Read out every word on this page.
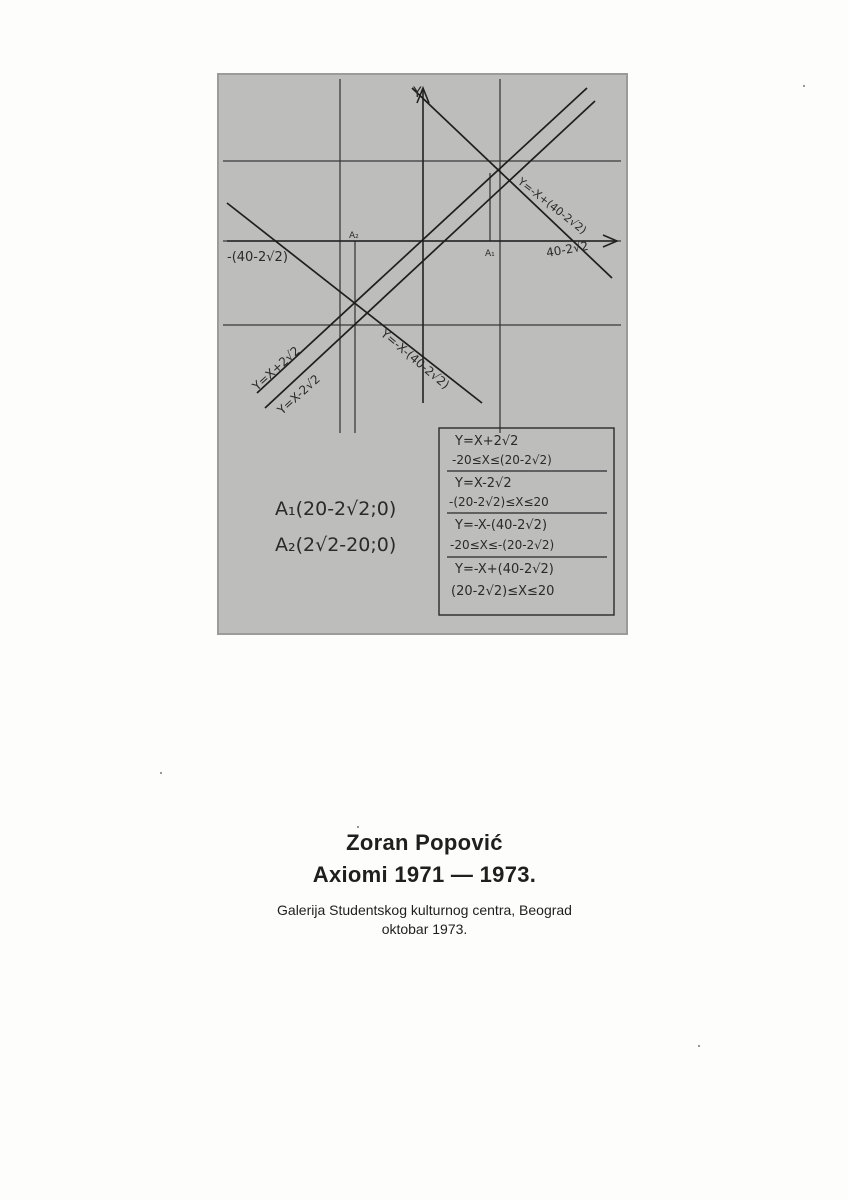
Y
-(40-2√2)	40-2√2
A₁
A₂	Y=-X+(40-2√2)
Y=X+2√2
Y=X-2√2
Y=-X-(40-2√2)
A₁(20-2√2;0)
A₂(2√2-20;0)
Y=X+2√2
-20≤X≤(20-2√2)
Y=X-2√2
-(20-2√2)≤X≤20
Y=-X-(40-2√2)
-20≤X≤-(20-2√2)
Y=-X+(40-2√2)
(20-2√2)≤X≤20
Zoran Popović
Axiomi 1971 — 1973.
Galerija Studentskog kulturnog centra, Beograd
oktobar 1973.
